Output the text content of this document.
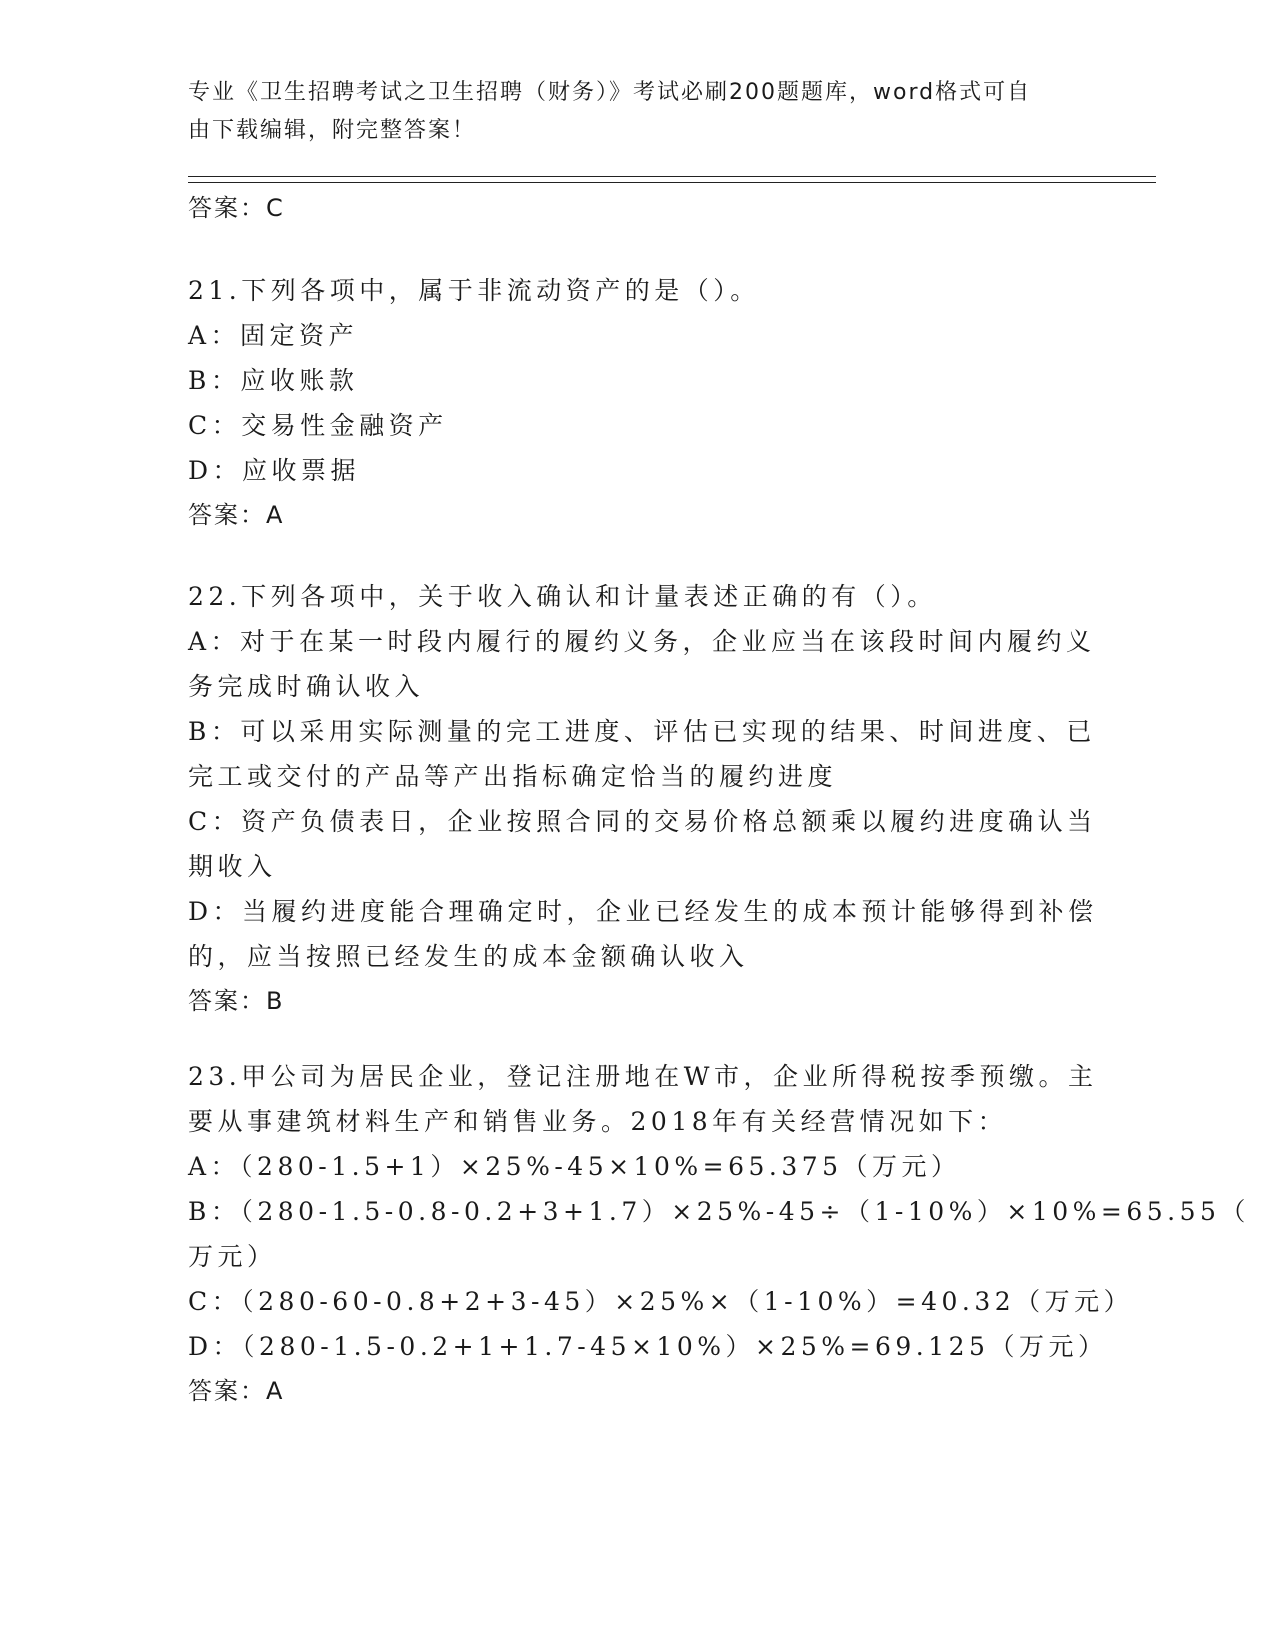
专业《卫生招聘考试之卫生招聘（财务）》考试必刷200题题库，word格式可自
由下载编辑，附完整答案！
答案：C
21.下列各项中，属于非流动资产的是（）。
A：固定资产
B：应收账款
C：交易性金融资产
D：应收票据
答案：A
22.下列各项中，关于收入确认和计量表述正确的有（）。
A：对于在某一时段内履行的履约义务，企业应当在该段时间内履约义
务完成时确认收入
B：可以采用实际测量的完工进度、评估已实现的结果、时间进度、已
完工或交付的产品等产出指标确定恰当的履约进度
C：资产负债表日，企业按照合同的交易价格总额乘以履约进度确认当
期收入
D：当履约进度能合理确定时，企业已经发生的成本预计能够得到补偿
的，应当按照已经发生的成本金额确认收入
答案：B
23.甲公司为居民企业，登记注册地在W市，企业所得税按季预缴。主
要从事建筑材料生产和销售业务。2018年有关经营情况如下：
A：（280-1.5+1）×25%-45×10%=65.375（万元）
B：（280-1.5-0.8-0.2+3+1.7）×25%-45÷（1-10%）×10%=65.55（
万元）
C：（280-60-0.8+2+3-45）×25%×（1-10%）=40.32（万元）
D：（280-1.5-0.2+1+1.7-45×10%）×25%=69.125（万元）
答案：A
